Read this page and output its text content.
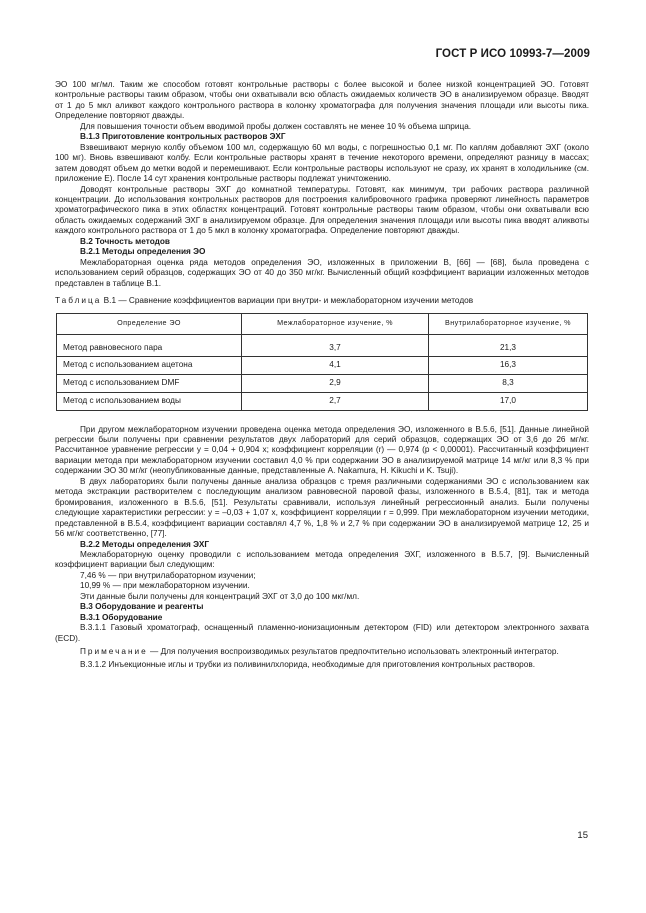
ГОСТ Р ИСО 10993-7—2009

ЭО 100 мг/мл. Таким же способом готовят контрольные растворы с более высокой и более низкой концентрацией ЭО. Готовят контрольные растворы таким образом, чтобы они охватывали всю область ожидаемых количеств ЭО в анализируемом образце. Вводят от 1 до 5 мкл аликвот каждого контрольного раствора в колонку хроматографа для получения значения площади или высоты пика. Определение повторяют дважды.

Для повышения точности объем вводимой пробы должен составлять не менее 10 % объема шприца.

В.1.3 Приготовление контрольных растворов ЭХГ

Взвешивают мерную колбу объемом 100 мл, содержащую 60 мл воды, с погрешностью 0,1 мг. По каплям добавляют ЭХГ (около 100 мг). Вновь взвешивают колбу. Если контрольные растворы хранят в течение некоторого времени, определяют разницу в массах; затем доводят объем до метки водой и перемешивают. Если контрольные растворы используют не сразу, их хранят в холодильнике (см. приложение Е). После 14 сут хранения контрольные растворы подлежат уничтожению.

Доводят контрольные растворы ЭХГ до комнатной температуры. Готовят, как минимум, три рабочих раствора различной концентрации. До использования контрольных растворов для построения калибровочного графика проверяют линейность параметров хроматографического пика в этих областях концентраций. Готовят контрольные растворы таким образом, чтобы они охватывали всю область ожидаемых содержаний ЭХГ в анализируемом образце. Для определения значения площади или высоты пика вводят аликвоты каждого контрольного раствора от 1 до 5 мкл в колонку хроматографа. Определение повторяют дважды.

В.2 Точность методов

В.2.1 Методы определения ЭО

Межлабораторная оценка ряда методов определения ЭО, изложенных в приложении В, [66] — [68], была проведена с использованием серий образцов, содержащих ЭО от 40 до 350 мг/кг. Вычисленный общий коэффициент вариации изложенных методов представлен в таблице В.1.

Таблица В.1 — Сравнение коэффициентов вариации при внутри- и межлабораторном изучении методов

Определение ЭО	Межлабораторное изучение, %	Внутрилабораторное изучение, %
Метод равновесного пара	3,7	21,3
Метод с использованием ацетона	4,1	16,3
Метод с использованием DMF	2,9	8,3
Метод с использованием воды	2,7	17,0

При другом межлабораторном изучении проведена оценка метода определения ЭО, изложенного в В.5.6, [51]. Данные линейной регрессии были получены при сравнении результатов двух лабораторий для серий образцов, содержащих ЭО от 3,6 до 26 мг/кг. Рассчитанное уравнение регрессии y = 0,04 + 0,904 x; коэффициент корреляции (r) — 0,974 (p < 0,00001). Рассчитанный коэффициент вариации метода при межлабораторном изучении составил 4,0 % при содержании ЭО в анализируемой матрице 14 мг/кг или 8,3 % при содержании ЭО 30 мг/кг (неопубликованные данные, представленные A. Nakamura, H. Kikuchi и K. Tsuji).

В двух лабораториях были получены данные анализа образцов с тремя различными содержаниями ЭО с использованием как метода экстракции растворителем с последующим анализом равновесной паровой фазы, изложенного в В.5.4, [81], так и метода бромирования, изложенного в В.5.6, [51]. Результаты сравнивали, используя линейный регрессионный анализ. Были получены следующие характеристики регрессии: y = –0,03 + 1,07 x, коэффициент корреляции r = 0,999. При межлабораторном изучении методики, представленной в В.5.4, коэффициент вариации составлял 4,7 %, 1,8 % и 2,7 % при содержании ЭО в анализируемой матрице 12, 25 и 56 мг/кг соответственно, [77].

В.2.2 Методы определения ЭХГ

Межлабораторную оценку проводили с использованием метода определения ЭХГ, изложенного в В.5.7, [9]. Вычисленный коэффициент вариации был следующим:

7,46 % — при внутрилабораторном изучении;

10,99 % — при межлабораторном изучении.

Эти данные были получены для концентраций ЭХГ от 3,0 до 100 мкг/мл.

В.3 Оборудование и реагенты

В.3.1 Оборудование

В.3.1.1 Газовый хроматограф, оснащенный пламенно-ионизационным детектором (FID) или детектором электронного захвата (ECD).

Примечание — Для получения воспроизводимых результатов предпочтительно использовать электронный интегратор.

В.3.1.2 Инъекционные иглы и трубки из поливинилхлорида, необходимые для приготовления контрольных растворов.

15
